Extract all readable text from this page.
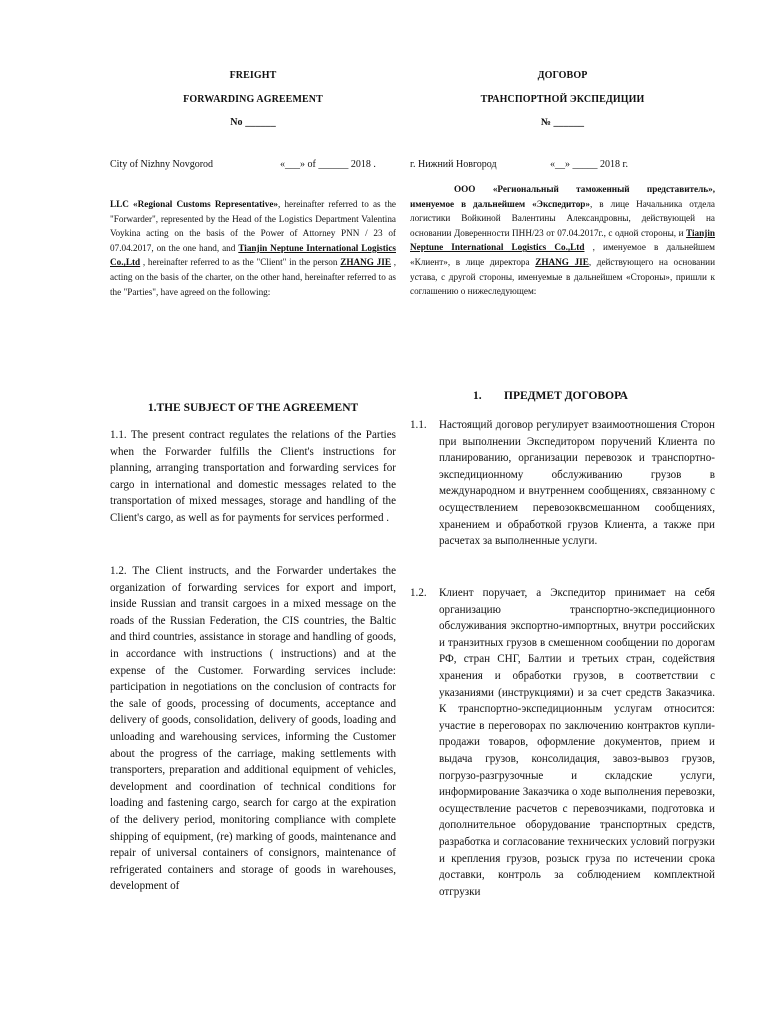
FREIGHT
FORWARDING AGREEMENT
No ______
City of Nizhny Novgorod	«___» of ______ 2018 .

LLC «Regional Customs Representative», hereinafter referred to as the "Forwarder", represented by the Head of the Logistics Department Valentina Voykina acting on the basis of the Power of Attorney PNN / 23 of 07.04.2017, on the one hand, and Tianjin Neptune International Logistics Co.,Ltd , hereinafter referred to as the "Client" in the person ZHANG JIE , acting on the basis of the charter, on the other hand, hereinafter referred to as the "Parties", have agreed on the following:

1.THE SUBJECT OF THE AGREEMENT

1.1. The present contract regulates the relations of the Parties when the Forwarder fulfills the Client's instructions for planning, arranging transportation and forwarding services for cargo in international and domestic messages related to the transportation of mixed messages, storage and handling of the Client's cargo, as well as for payments for services performed .

1.2. The Client instructs, and the Forwarder undertakes the organization of forwarding services for export and import, inside Russian and transit cargoes in a mixed message on the roads of the Russian Federation, the CIS countries, the Baltic and third countries, assistance in storage and handling of goods, in accordance with instructions ( instructions) and at the expense of the Customer. Forwarding services include: participation in negotiations on the conclusion of contracts for the sale of goods, processing of documents, acceptance and delivery of goods, consolidation, delivery of goods, loading and unloading and warehousing services, informing the Customer about the progress of the carriage, making settlements with transporters, preparation and additional equipment of vehicles, development and coordination of technical conditions for loading and fastening cargo, search for cargo at the expiration of the delivery period, monitoring compliance with complete shipping of equipment, (re) marking of goods, maintenance and repair of universal containers of consignors, maintenance of refrigerated containers and storage of goods in warehouses, development of

ДОГОВОР
ТРАНСПОРТНОЙ ЭКСПЕДИЦИИ
№ ______
г. Нижний Новгород	«__» _____ 2018 г.

ООО «Региональный таможенный представитель», именуемое в дальнейшем «Экспедитор», в лице Начальника отдела логистики Войкиной Валентины Александровны, действующей на основании Доверенности ПНН/23 от 07.04.2017г., с одной стороны, и Tianjin Neptune International Logistics Co.,Ltd , именуемое в дальнейшем «Клиент», в лице директора ZHANG JIE, действующего на основании устава, с другой стороны, именуемые в дальнейшем «Стороны», пришли к соглашению о нижеследующем:

1. ПРЕДМЕТ ДОГОВОРА
1.1. Настоящий договор регулирует взаимоотношения Сторон при выполнении Экспедитором поручений Клиента по планированию, организации перевозок и транспортно-экспедиционному обслуживанию грузов в международном и внутреннем сообщениях, связанному с осуществлением перевозоквсмешанном сообщениях, хранением и обработкой грузов Клиента, а также при расчетах за выполненные услуги.

1.2. Клиент поручает, а Экспедитор принимает на себя организацию транспортно-экспедиционного обслуживания экспортно-импортных, внутри российских и транзитных грузов в смешенном сообщении по дорогам РФ, стран СНГ, Балтии и третьих стран, содействия хранения и обработки грузов, в соответствии с указаниями (инструкциями) и за счет средств Заказчика. К транспортно-экспедиционным услугам относится: участие в переговорах по заключению контрактов купли-продажи товаров, оформление документов, прием и выдача грузов, консолидация, завоз-вывоз грузов, погрузо-разгрузочные и складские услуги, информирование Заказчика о ходе выполнения перевозки, осуществление расчетов с перевозчиками, подготовка и дополнительное оборудование транспортных средств, разработка и согласование технических условий погрузки и крепления грузов, розыск груза по истечении срока доставки, контроль за соблюдением комплектной отгрузки
